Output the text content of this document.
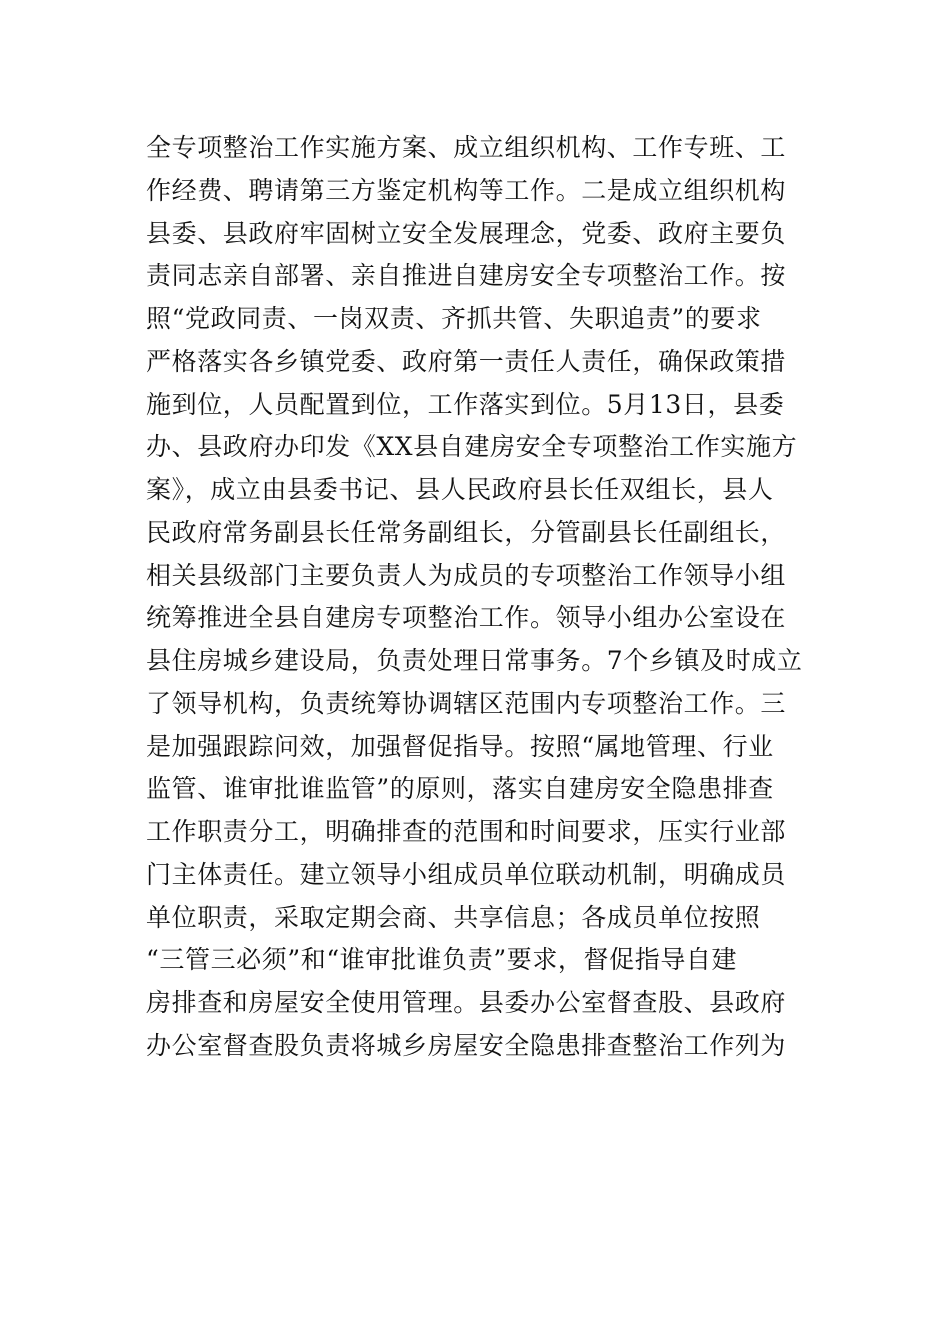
全专项整治工作实施方案、成立组织机构、工作专班、工
作经费、聘请第三方鉴定机构等工作。二是成立组织机构
县委、县政府牢固树立安全发展理念，党委、政府主要负
责同志亲自部署、亲自推进自建房安全专项整治工作。按
照“党政同责、一岗双责、齐抓共管、失职追责”的要求
严格落实各乡镇党委、政府第一责任人责任，确保政策措
施到位，人员配置到位，工作落实到位。5月13日，县委
办、县政府办印发《XX县自建房安全专项整治工作实施方
案》，成立由县委书记、县人民政府县长任双组长，县人
民政府常务副县长任常务副组长，分管副县长任副组长，
相关县级部门主要负责人为成员的专项整治工作领导小组
统筹推进全县自建房专项整治工作。领导小组办公室设在
县住房城乡建设局，负责处理日常事务。7个乡镇及时成立
了领导机构，负责统筹协调辖区范围内专项整治工作。三
是加强跟踪问效，加强督促指导。按照“属地管理、行业
监管、谁审批谁监管”的原则，落实自建房安全隐患排查
工作职责分工，明确排查的范围和时间要求，压实行业部
门主体责任。建立领导小组成员单位联动机制，明确成员
单位职责，采取定期会商、共享信息；各成员单位按照
“三管三必须”和“谁审批谁负责”要求，督促指导自建
房排查和房屋安全使用管理。县委办公室督查股、县政府
办公室督查股负责将城乡房屋安全隐患排查整治工作列为
